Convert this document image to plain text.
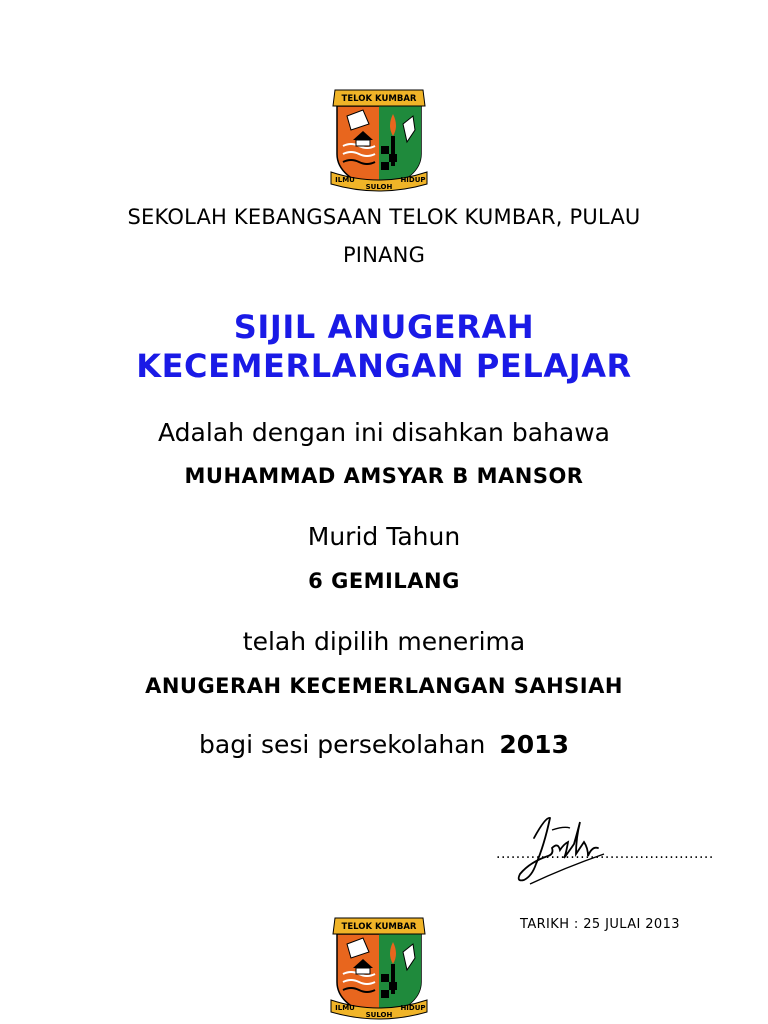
TELOK KUMBAR
ILMU
SULOH
HIDUP
SEKOLAH KEBANGSAAN TELOK KUMBAR, PULAU
PINANG
SIJIL ANUGERAH
KECEMERLANGAN PELAJAR
Adalah dengan ini disahkan bahawa
MUHAMMAD AMSYAR B MANSOR
Murid Tahun
6 GEMILANG
telah dipilih menerima
ANUGERAH KECEMERLANGAN SAHSIAH
bagi sesi persekolahan 2013
............................................
TARIKH : 25 JULAI 2013
TELOK KUMBAR
ILMU
SULOH
HIDUP
